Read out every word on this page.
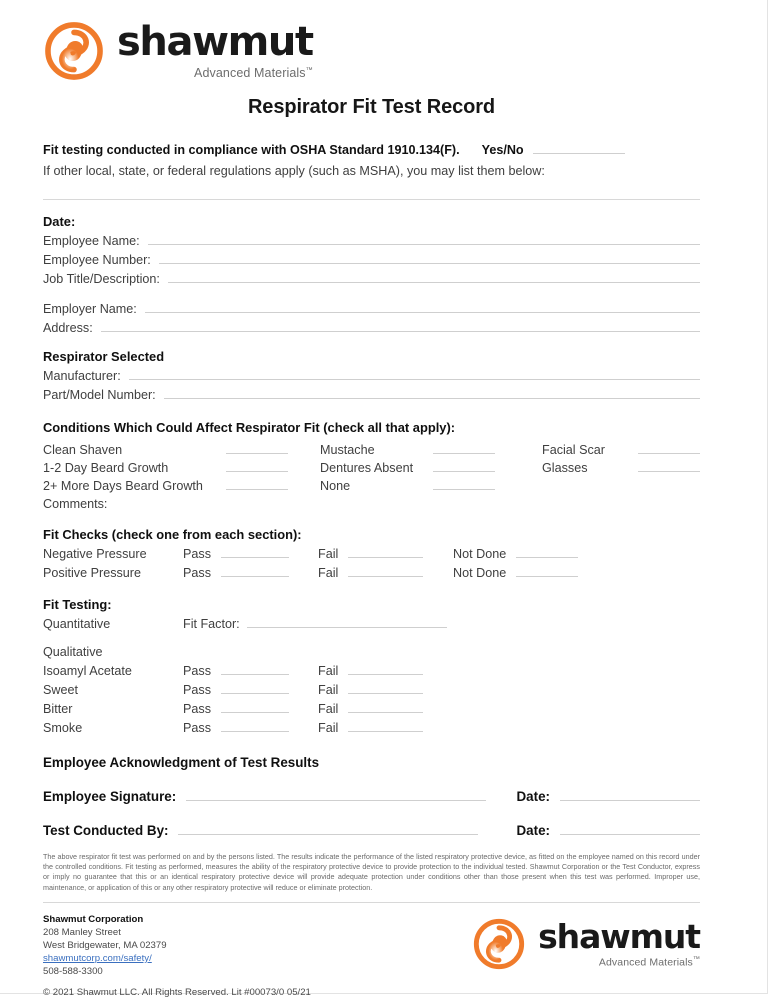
shawmut
Advanced Materials™
Respirator Fit Test Record
Fit testing conducted in compliance with OSHA Standard 1910.134(F). Yes/No
If other local, state, or federal regulations apply (such as MSHA), you may list them below:
Date:
Employee Name:
Employee Number:
Job Title/Description:
Employer Name:
Address:
Respirator Selected
Manufacturer:
Part/Model Number:
Conditions Which Could Affect Respirator Fit (check all that apply):
Clean Shaven	Mustache	Facial Scar
1-2 Day Beard Growth	Dentures Absent	Glasses
2+ More Days Beard Growth	None
Comments:
Fit Checks (check one from each section):
Negative Pressure	Pass	Fail	Not Done
Positive Pressure	Pass	Fail	Not Done
Fit Testing:
Quantitative	Fit Factor:
Qualitative
Isoamyl Acetate	Pass	Fail
Sweet	Pass	Fail
Bitter	Pass	Fail
Smoke	Pass	Fail
Employee Acknowledgment of Test Results
Employee Signature:	Date:
Test Conducted By:	Date:
The above respirator fit test was performed on and by the persons listed. The results indicate the performance of the listed respiratory protective device, as fitted on the employee named on this record under the controlled conditions. Fit testing as performed, measures the ability of the respiratory protective device to provide protection to the individual tested. Shawmut Corporation or the Test Conductor, express or imply no guarantee that this or an identical respiratory protective device will provide adequate protection under conditions other than those present when this test was performed. Improper use, maintenance, or application of this or any other respiratory protective will reduce or eliminate protection.
Shawmut Corporation
208 Manley Street
West Bridgewater, MA 02379
shawmutcorp.com/safety/
508-588-3300
© 2021 Shawmut LLC. All Rights Reserved. Lit #00073/0 05/21
shawmut
Advanced Materials™
